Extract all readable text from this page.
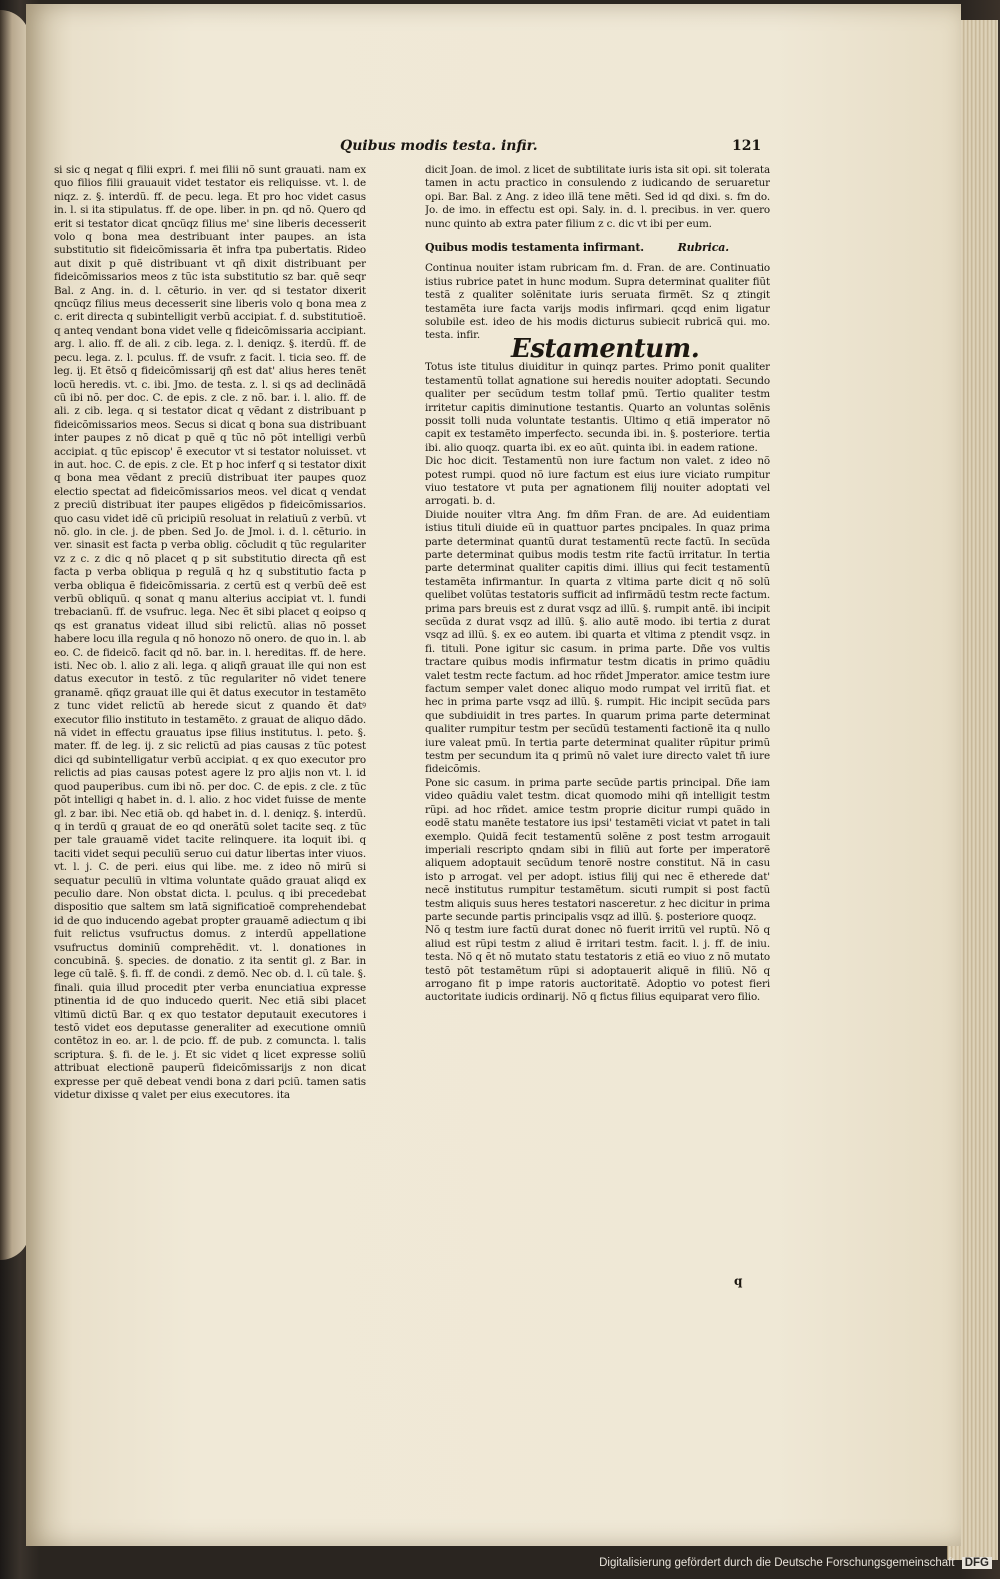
Quibus modis testa. infir.	121

si sic q negat q filii expri. f. mei filii nõ sunt grauati. nam ex quo filios filii grauauit videt testator eis reliquisse. vt. l. de niqz. z. §. interdũ. ff. de pecu. lega. Et pro hoc videt casus in. l. si ita stipulatus. ff. de ope. liber. in pn. qd nõ. Quero qd erit si testator dicat qncũqz filius me' sine liberis decesserit volo q bona mea destribuant inter paupes. an ista substitutio sit fideicõmissaria ẽt infra tpa pubertatis. Rideo aut dixit p quẽ distribuant vt qñ dixit distribuant per fideicõmissarios meos z tũc ista substitutio sz bar. quẽ seqr Bal. z Ang. in. d. l. cẽturio. in ver. qd si testator dixerit qncũqz filius meus decesserit sine liberis volo q bona mea z c. erit directa q subintelligit verbũ accipiat. f. d. substitutioẽ. q anteq vendant bona videt velle q fideicõmissaria accipiant. arg. l. alio. ff. de ali. z cib. lega. z. l. deniqz. §. iterdũ. ff. de pecu. lega. z. l. pculus. ff. de vsufr. z facit. l. ticia seo. ff. de leg. ij. Et ẽtsõ q fideicõmissarij qñ est dat' alius heres tenẽt locũ heredis. vt. c. ibi. Jmo. de testa. z. l. si qs ad declinãdã cũ ibi nõ. per doc. C. de epis. z cle. z nõ. bar. i. l. alio. ff. de ali. z cib. lega. q si testator dicat q vẽdant z distribuant p fideicõmissarios meos. Secus si dicat q bona sua distribuant inter paupes z nõ dicat p quẽ q tũc nõ põt intelligi verbũ accipiat. q tũc episcop' ẽ executor vt si testator noluisset. vt in aut. hoc. C. de epis. z cle. Et p hoc inferf q si testator dixit q bona mea vẽdant z preciũ distribuat iter paupes quoz electio spectat ad fideicõmissarios meos. vel dicat q vendat z preciũ distribuat iter paupes eligẽdos p fideicõmissarios. quo casu videt idẽ cũ pricipiũ resoluat in relatiuũ z verbũ. vt nõ. glo. in cle. j. de pben. Sed Jo. de Jmol. i. d. l. cẽturio. in ver. sinasit est facta p verba oblig. cõcludit q tũc regulariter vz z c. z dic q nõ placet q p sit substitutio directa qñ est facta p verba obliqua p regulã q hz q substitutio facta p verba obliqua ẽ fideicõmissaria. z certũ est q verbũ deẽ est verbũ obliquũ. q sonat q manu alterius accipiat vt. l. fundi trebacianũ. ff. de vsufruc. lega. Nec ẽt sibi placet q eoipso q qs est granatus videat illud sibi relictũ. alias nõ posset habere locu illa regula q nõ honozo nõ onero. de quo in. l. ab eo. C. de fideicõ. facit qd nõ. bar. in. l. hereditas. ff. de here. isti. Nec ob. l. alio z ali. lega. q aliqñ grauat ille qui non est datus executor in testõ. z tũc regulariter nõ videt tenere granamẽ. qñqz grauat ille qui ẽt datus executor in testamẽto z tunc videt relictũ ab herede sicut z quando ẽt datꝰ executor filio instituto in testamẽto. z grauat de aliquo dãdo. nã videt in effectu grauatus ipse filius institutus. l. peto. §. mater. ff. de leg. ij. z sic relictũ ad pias causas z tũc potest dici qd subintelligatur verbũ accipiat. q ex quo executor pro relictis ad pias causas potest agere lz pro aljis non vt. l. id quod pauperibus. cum ibi nõ. per doc. C. de epis. z cle. z tũc põt intelligi q habet in. d. l. alio. z hoc videt fuisse de mente gl. z bar. ibi. Nec etiã ob. qd habet in. d. l. deniqz. §. interdũ. q in terdũ q grauat de eo qd onerãtũ solet tacite seq. z tũc per tale grauamẽ videt tacite relinquere. ita loquit ibi. q taciti videt sequi peculiũ seruo cui datur libertas inter viuos. vt. l. j. C. de peri. eius qui libe. me. z ideo nõ mirũ si sequatur peculiũ in vltima voluntate quãdo grauat aliqd ex peculio dare. Non obstat dicta. l. pculus. q ibi precedebat dispositio que saltem sm latã significatioẽ comprehendebat id de quo inducendo agebat propter grauamẽ adiectum q ibi fuit relictus vsufructus domus. z interdũ appellatione vsufructus dominiũ comprehẽdit. vt. l. donationes in concubinã. §. species. de donatio. z ita sentit gl. z Bar. in lege cũ talẽ. §. fi. ff. de condi. z demõ. Nec ob. d. l. cũ tale. §. finali. quia illud procedit pter verba enunciatiua expresse ptinentia id de quo inducedo querit. Nec etiã sibi placet vltimũ dictũ Bar. q ex quo testator deputauit executores i testõ videt eos deputasse generaliter ad executione omniũ contẽtoz in eo. ar. l. de pcio. ff. de pub. z comuncta. l. talis scriptura. §. fi. de le. j. Et sic videt q licet expresse soliũ attribuat electionẽ pauperũ fideicõmissarijs z non dicat expresse per quẽ debeat vendi bona z dari pciũ. tamen satis videtur dixisse q valet per eius executores. ita

dicit Joan. de imol. z licet de subtilitate iuris ista sit opi. sit tolerata tamen in actu practico in consulendo z iudicando de seruaretur opi. Bar. Bal. z Ang. z ideo illã tene mẽti. Sed id qd dixi. s. fm do. Jo. de imo. in effectu est opi. Saly. in. d. l. precibus. in ver. quero nunc quinto ab extra pater filium z c. dic vt ibi per eum.

Quibus modis testamenta infirmant.	Rubrica.

Continua nouiter istam rubricam fm. d. Fran. de are. Continuatio istius rubrice patet in hunc modum. Supra determinat qualiter fiũt testã z qualiter solẽnitate iuris seruata firmẽt. Sz q ztingit testamẽta iure facta varijs modis infirmari. qcqd enim ligatur solubile est. ideo de his modis dicturus subiecit rubricã qui. mo. testa. infir.	Estamentum.

Totus iste titulus diuiditur in quinqz partes. Primo ponit qualiter testamentũ tollat agnatione sui heredis nouiter adoptati. Secundo qualiter per secũdum testm tollaf pmũ. Tertio qualiter testm irritetur capitis diminutione testantis. Quarto an voluntas solẽnis possit tolli nuda voluntate testantis. Ultimo q etiã imperator nõ capit ex testamẽto imperfecto. secunda ibi. in. §. posteriore. tertia ibi. alio quoqz. quarta ibi. ex eo aũt. quinta ibi. in eadem ratione.

Dic hoc dicit. Testamentũ non iure factum non valet. z ideo nõ potest rumpi. quod nõ iure factum est eius iure viciato rumpitur viuo testatore vt puta per agnationem filij nouiter adoptati vel arrogati. b. d.

Diuide nouiter vltra Ang. fm dñm Fran. de are. Ad euidentiam istius tituli diuide eũ in quattuor partes pncipales. In quaz prima parte determinat quantũ durat testamentũ recte factũ. In secũda parte determinat quibus modis testm rite factũ irritatur. In tertia parte determinat qualiter capitis dimi. illius qui fecit testamentũ testamẽta infirmantur. In quarta z vltima parte dicit q nõ solũ quelibet volũtas testatoris sufficit ad infirmãdũ testm recte factum. prima pars breuis est z durat vsqz ad illũ. §. rumpit antẽ. ibi incipit secũda z durat vsqz ad illũ. §. alio autẽ modo. ibi tertia z durat vsqz ad illũ. §. ex eo autem. ibi quarta et vltima z ptendit vsqz. in fi. tituli. Pone igitur sic casum. in prima parte. Dñe vos vultis tractare quibus modis infirmatur testm dicatis in primo quãdiu valet testm recte factum. ad hoc rñdet Jmperator. amice testm iure factum semper valet donec aliquo modo rumpat vel irritũ fiat. et hec in prima parte vsqz ad illũ. §. rumpit. Hic incipit secũda pars que subdiuidit in tres partes. In quarum prima parte determinat qualiter rumpitur testm per secũdũ testamenti factionẽ ita q nullo iure valeat pmũ. In tertia parte determinat qualiter rũpitur primũ testm per secundum ita q primũ nõ valet iure directo valet tñ iure fideicõmis.

Pone sic casum. in prima parte secũde partis principal. Dñe iam video quãdiu valet testm. dicat quomodo mihi qñ intelligit testm rũpi. ad hoc rñdet. amice testm proprie dicitur rumpi quãdo in eodẽ statu manẽte testatore ius ipsi' testamẽti viciat vt patet in tali exemplo. Quidã fecit testamentũ solẽne z post testm arrogauit imperiali rescripto qndam sibi in filiũ aut forte per imperatorẽ aliquem adoptauit secũdum tenorẽ nostre constitut. Nã in casu isto p arrogat. vel per adopt. istius filij qui nec ẽ etherede dat' necẽ institutus rumpitur testamẽtum. sicuti rumpit si post factũ testm aliquis suus heres testatori nasceretur. z hec dicitur in prima parte secunde partis principalis vsqz ad illũ. §. posteriore quoqz.

Nõ q testm iure factũ durat donec nõ fuerit irritũ vel ruptũ. Nõ q aliud est rũpi testm z aliud ẽ irritari testm. facit. l. j. ff. de iniu. testa. Nõ q ẽt nõ mutato statu testatoris z etiã eo viuo z nõ mutato testõ põt testamẽtum rũpi si adoptauerit aliquẽ in filiũ. Nõ q arrogano fit p impe ratoris auctoritatẽ. Adoptio vo potest fieri auctoritate iudicis ordinarij. Nõ q fictus filius equiparat vero filio.

q
Digitalisierung gefördert durch die Deutsche Forschungsgemeinschaft DFG
